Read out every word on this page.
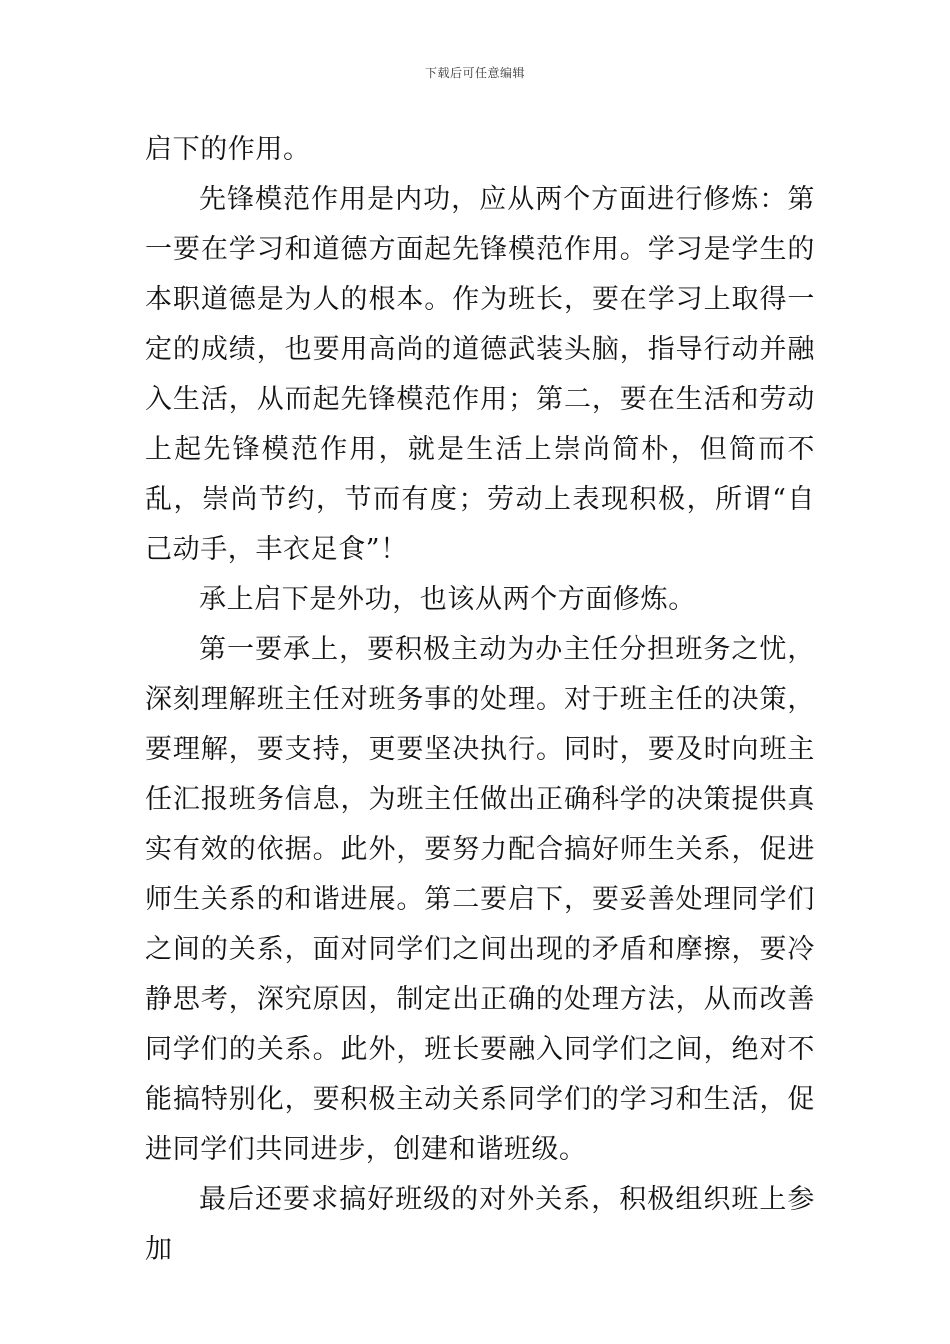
下载后可任意编辑

启下的作用。

先锋模范作用是内功，应从两个方面进行修炼：第一要在学习和道德方面起先锋模范作用。学习是学生的本职道德是为人的根本。作为班长，要在学习上取得一定的成绩，也要用高尚的道德武装头脑，指导行动并融入生活，从而起先锋模范作用；第二，要在生活和劳动上起先锋模范作用，就是生活上崇尚简朴，但简而不乱，崇尚节约，节而有度；劳动上表现积极，所谓“自己动手，丰衣足食”！

承上启下是外功，也该从两个方面修炼。

第一要承上，要积极主动为办主任分担班务之忧，深刻理解班主任对班务事的处理。对于班主任的决策，要理解，要支持，更要坚决执行。同时，要及时向班主任汇报班务信息，为班主任做出正确科学的决策提供真实有效的依据。此外，要努力配合搞好师生关系，促进师生关系的和谐进展。第二要启下，要妥善处理同学们之间的关系，面对同学们之间出现的矛盾和摩擦，要冷静思考，深究原因，制定出正确的处理方法，从而改善同学们的关系。此外，班长要融入同学们之间，绝对不能搞特别化，要积极主动关系同学们的学习和生活，促进同学们共同进步，创建和谐班级。

最后还要求搞好班级的对外关系，积极组织班上参加
